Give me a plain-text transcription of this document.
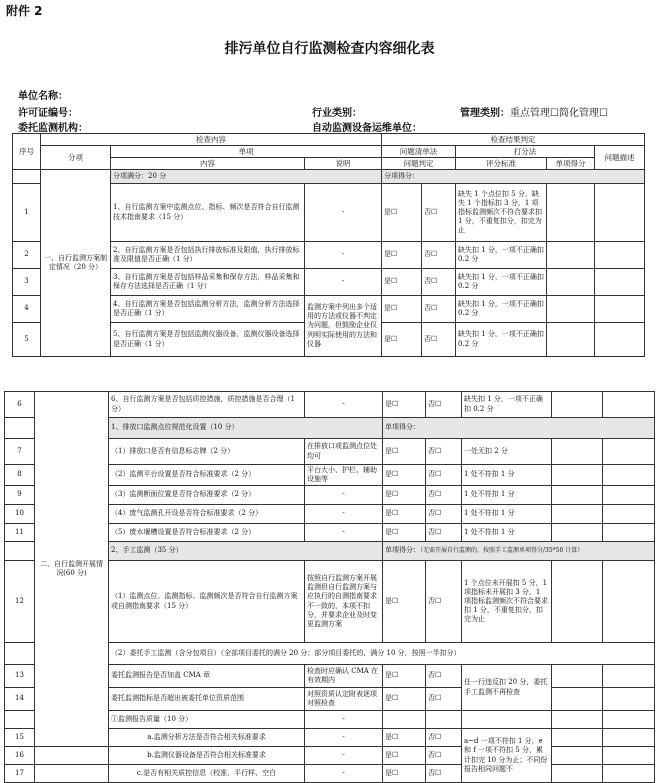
附件 2
排污单位自行监测检查内容细化表
单位名称：
许可证编号：	行业类别：	管理类别：重点管理☐简化管理☐
委托监测机构：	自动监测设备运维单位：
序号	检查内容			检查结果判定				
	分项	单项		问题清单法		打分法		问题描述
		内容	说明	问题判定		评分标准	单项得分	
	一、自行监测方案制定情况（20 分）	分项满分：20 分		分项得分：				
1		1、自行监测方案中监测点位、指标、频次是否符合自行监测技术指南要求（15 分）	-	是☐	否☐	缺失 1 个点位扣 5 分，缺失 1 个指标扣 3 分，1 项指标监测频次不符合要求扣 1 分，不重复扣分，扣完为止		
2		2、自行监测方案是否包括执行排放标准及限值，执行排放标准及限值是否正确（1 分）	-	是☐	否☐	缺失扣 1 分，一项不正确扣 0.2 分		
3		3、自行监测方案是否包括样品采集和保存方法，样品采集和保存方法选择是否正确（1 分）	-	是☐	否☐	缺失扣 1 分，一项不正确扣 0.2 分		
4		4、自行监测方案是否包括监测分析方法，监测分析方法选择是否正确（1 分）	监测方案中列出多个适用的方法或仪器不判定为问题，但鼓励企业仅列明实际使用的方法和仪器	是☐	否☐	缺失扣 1 分，一项不正确扣 0.2 分		
5		5、自行监测方案是否包括监测仪器设备，监测仪器设备选择是否正确（1 分）		是☐	否☐	缺失扣 1 分，一项不正确扣 0.2 分		
6	二、自行监测开展情况(60 分)	6、自行监测方案是否包括质控措施，质控措施是否合理（1 分）	-	是☐	否☐	缺失扣 1 分，一项不正确扣 0.2 分		
		1、排放口监测点位规范化设置（10 分）		单项得分：				
7		（1）排放口是否有信息标志牌（2 分）	在排放口或监测点位处均可	是☐	否☐	一处无扣 2 分		
8		（2）监测平台设置是否符合标准要求（2 分）	平台大小、护栏、辅助设施等	是☐	否☐	1 处不符扣 1 分		
9		（3）监测断面位置是否符合标准要求（2 分）	-	是☐	否☐	1 处不符扣 1 分		
10		（4）废气监测孔开设是否符合标准要求（2 分）	-	是☐	否☐	1 处不符扣 1 分		
11		（5）废水堰槽设置是否符合标准要求（2 分）	-	是☐	否☐	1 处不符扣 1 分		
		2、手工监测（35 分）		单项得分：（无需开展自行监测的，按照手工监测单项得分/35*50 计算）				
12		（1）监测点位、监测指标、监测频次是否符合自行监测方案或自测指南要求（15 分）	按照自行监测方案开展监测但自行监测方案与应执行的自测指南要求不一致的，本项不扣分，并要求企业及时变更监测方案	是☐	否☐	1 个点位未开展扣 5 分，1 项指标未开展扣 3 分，1 项指标监测频次不符合要求扣 1 分，不重复扣分，扣完为止		
		（2）委托手工监测（含分包项目）（全部项目委托的满分 20 分；部分项目委托的，满分 10 分，按照一半扣分）						
13		委托监测报告是否加盖 CMA 章	检查时应确认 CMA 在有效期内	是☐	否☐	任一行违反扣 20 分，委托手工监测不再检查		
14		委托监测指标是否超出被委托单位资质范围	对照资质认定附表逐项对照检查	是☐	否☐			
		①监测报告质量（10 分）	-					
15		a.监测分析方法是否符合相关标准要求	-	是☐	否☐	a~d 一项不符扣 1 分，e 和 f 一项不符扣 5 分，累计扣完 10 分为止；不同份报告相同问题不		
16		b.监测仪器设备是否符合相关标准要求	-	是☐	否☐			
17		c.是否有相关质控信息（校准、平行样、空白	-	是☐	否☐			
